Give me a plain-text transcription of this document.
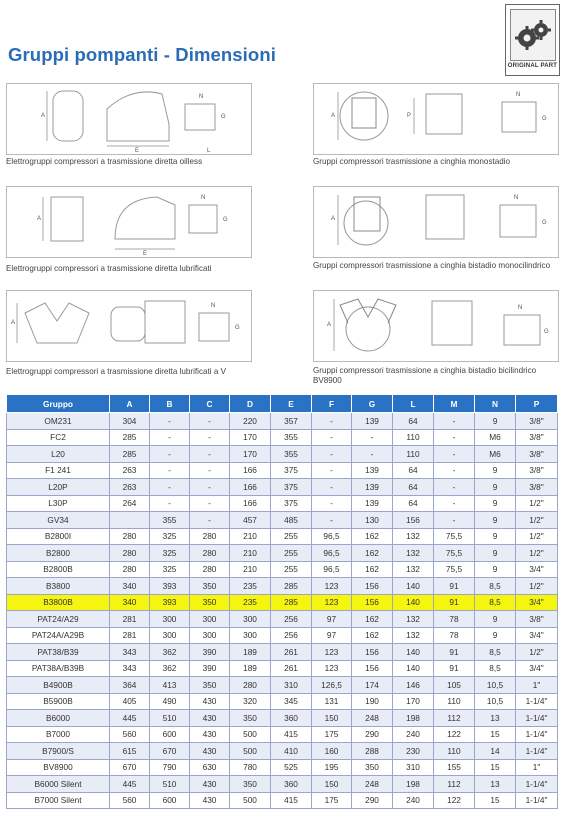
Gruppi pompanti - Dimensioni
ORIGINAL PART
A
E
N
G
L
Elettrogruppi compressori a trasmissione diretta oilless
A	P
N
G
Gruppi compressori trasmissione a cinghia monostadio
A
E
N
G
Elettrogruppi compressori a trasmissione diretta lubrificati
A
N
G
Gruppi compressori trasmissione a cinghia bistadio monocilindrico
A
N
G
Elettrogruppi compressori a trasmissione diretta lubrificati a V
A
N
G
Gruppi compressori trasmissione a cinghia bistadio bicilindrico BV8900
Gruppo	A	B	C	D	E	F	G	L	M	N	P
OM231	304	-	-	220	357	-	139	64	-	9	3/8"
FC2	285	-	-	170	355	-	-	110	-	M6	3/8"
L20	285	-	-	170	355	-	-	110	-	M6	3/8"
F1 241	263	-	-	166	375	-	139	64	-	9	3/8"
L20P	263	-	-	166	375	-	139	64	-	9	3/8"
L30P	264	-	-	166	375	-	139	64	-	9	1/2"
GV34		355	-	457	485	-	130	156	-	9	1/2"
B2800I	280	325	280	210	255	96,5	162	132	75,5	9	1/2"
B2800	280	325	280	210	255	96,5	162	132	75,5	9	1/2"
B2800B	280	325	280	210	255	96,5	162	132	75,5	9	3/4"
B3800	340	393	350	235	285	123	156	140	91	8,5	1/2"
B3800B	340	393	350	235	285	123	156	140	91	8,5	3/4"
PAT24/A29	281	300	300	300	256	97	162	132	78	9	3/8"
PAT24A/A29B	281	300	300	300	256	97	162	132	78	9	3/4"
PAT38/B39	343	362	390	189	261	123	156	140	91	8,5	1/2"
PAT38A/B39B	343	362	390	189	261	123	156	140	91	8,5	3/4"
B4900B	364	413	350	280	310	126,5	174	146	105	10,5	1"
B5900B	405	490	430	320	345	131	190	170	110	10,5	1-1/4"
B6000	445	510	430	350	360	150	248	198	112	13	1-1/4"
B7000	560	600	430	500	415	175	290	240	122	15	1-1/4"
B7900/S	615	670	430	500	410	160	288	230	110	14	1-1/4"
BV8900	670	790	630	780	525	195	350	310	155	15	1"
B6000 Silent	445	510	430	350	360	150	248	198	112	13	1-1/4"
B7000 Silent	560	600	430	500	415	175	290	240	122	15	1-1/4"
